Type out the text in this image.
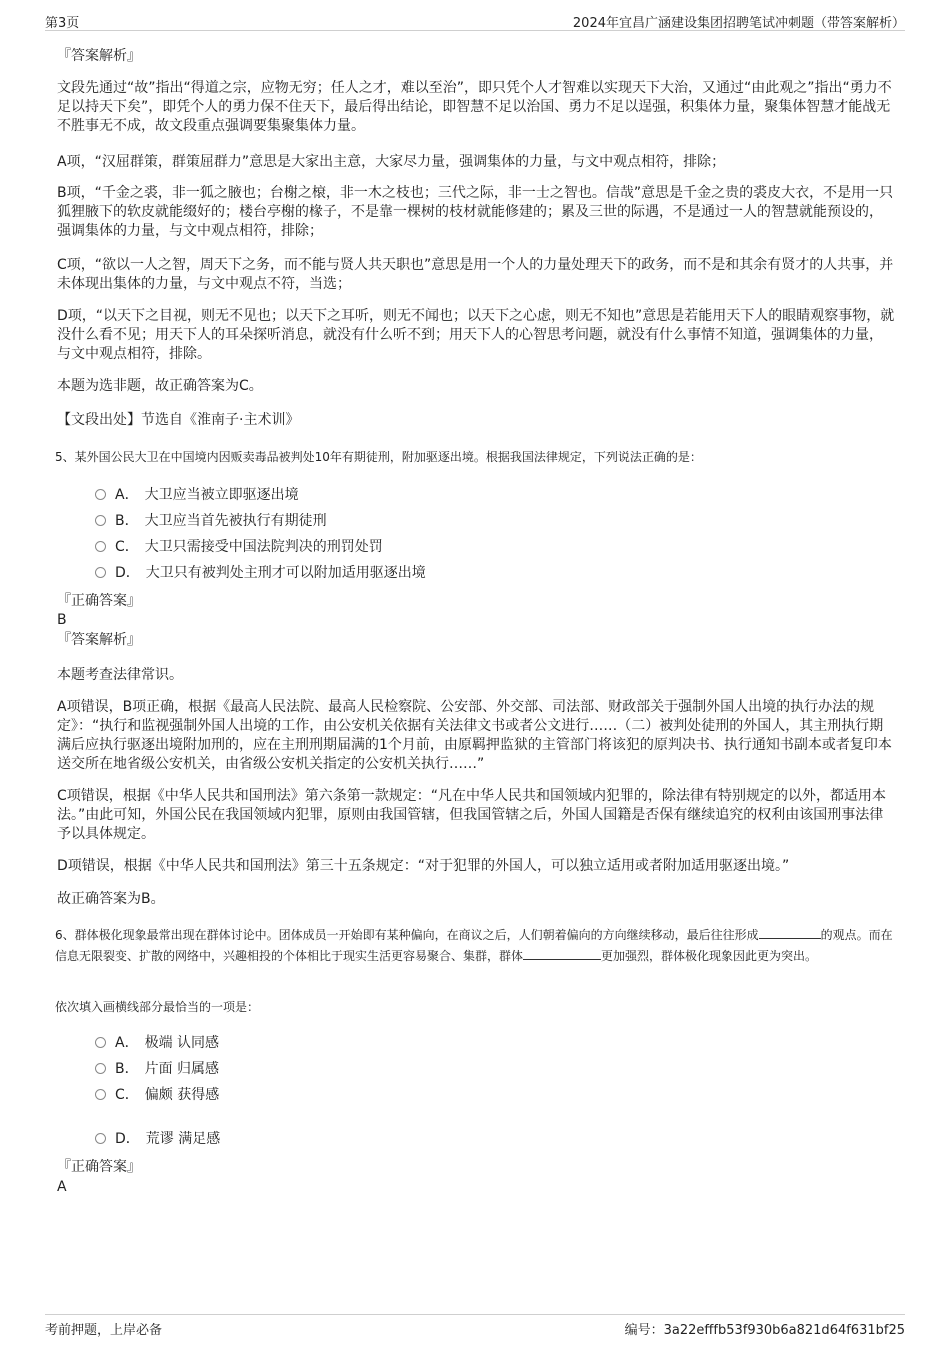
第3页	2024年宜昌广涵建设集团招聘笔试冲刺题（带答案解析）

『答案解析』

文段先通过“故”指出“得道之宗，应物无穷；任人之才，难以至治”，即只凭个人才智难以实现天下大治，又通过“由此观之”指出“勇力不足以持天下矣”，即凭个人的勇力保不住天下，最后得出结论，即智慧不足以治国、勇力不足以逞强，积集体力量，聚集体智慧才能战无不胜事无不成，故文段重点强调要集聚集体力量。

A项，“汉屈群策，群策屈群力”意思是大家出主意，大家尽力量，强调集体的力量，与文中观点相符，排除；

B项，“千金之裘，非一狐之腋也；台榭之榱，非一木之枝也；三代之际，非一士之智也。信哉”意思是千金之贵的裘皮大衣，不是用一只狐狸腋下的软皮就能缀好的；楼台亭榭的椽子，不是靠一棵树的枝材就能修建的；累及三世的际遇，不是通过一人的智慧就能预设的，强调集体的力量，与文中观点相符，排除；

C项，“欲以一人之智，周天下之务，而不能与贤人共天职也”意思是用一个人的力量处理天下的政务，而不是和其余有贤才的人共事，并未体现出集体的力量，与文中观点不符，当选；

D项，“以天下之目视，则无不见也；以天下之耳听，则无不闻也；以天下之心虑，则无不知也”意思是若能用天下人的眼睛观察事物，就没什么看不见；用天下人的耳朵探听消息，就没有什么听不到；用天下人的心智思考问题，就没有什么事情不知道，强调集体的力量，与文中观点相符，排除。

本题为选非题，故正确答案为C。

【文段出处】节选自《淮南子·主术训》

5、某外国公民大卫在中国境内因贩卖毒品被判处10年有期徒刑，附加驱逐出境。根据我国法律规定，下列说法正确的是：

A． 大卫应当被立即驱逐出境
B． 大卫应当首先被执行有期徒刑
C． 大卫只需接受中国法院判决的刑罚处罚
D． 大卫只有被判处主刑才可以附加适用驱逐出境

『正确答案』

B

『答案解析』

本题考查法律常识。

A项错误，B项正确，根据《最高人民法院、最高人民检察院、公安部、外交部、司法部、财政部关于强制外国人出境的执行办法的规定》：“执行和监视强制外国人出境的工作，由公安机关依据有关法律文书或者公文进行……（二）被判处徒刑的外国人，其主刑执行期满后应执行驱逐出境附加刑的，应在主刑刑期届满的1个月前，由原羁押监狱的主管部门将该犯的原判决书、执行通知书副本或者复印本送交所在地省级公安机关，由省级公安机关指定的公安机关执行……”

C项错误，根据《中华人民共和国刑法》第六条第一款规定：“凡在中华人民共和国领域内犯罪的，除法律有特别规定的以外，都适用本法。”由此可知，外国公民在我国领域内犯罪，原则由我国管辖，但我国管辖之后，外国人国籍是否保有继续追究的权利由该国刑事法律予以具体规定。

D项错误，根据《中华人民共和国刑法》第三十五条规定：“对于犯罪的外国人，可以独立适用或者附加适用驱逐出境。”

故正确答案为B。

6、群体极化现象最常出现在群体讨论中。团体成员一开始即有某种偏向，在商议之后，人们朝着偏向的方向继续移动，最后往往形成	的观点。而在信息无限裂变、扩散的网络中，兴趣相投的个体相比于现实生活更容易聚合、集群，群体	更加强烈，群体极化现象因此更为突出。

依次填入画横线部分最恰当的一项是：

A． 极端 认同感
B． 片面 归属感
C． 偏颇 获得感
D． 荒谬 满足感

『正确答案』

A

考前押题，上岸必备	编号：3a22efffb53f930b6a821d64f631bf25
